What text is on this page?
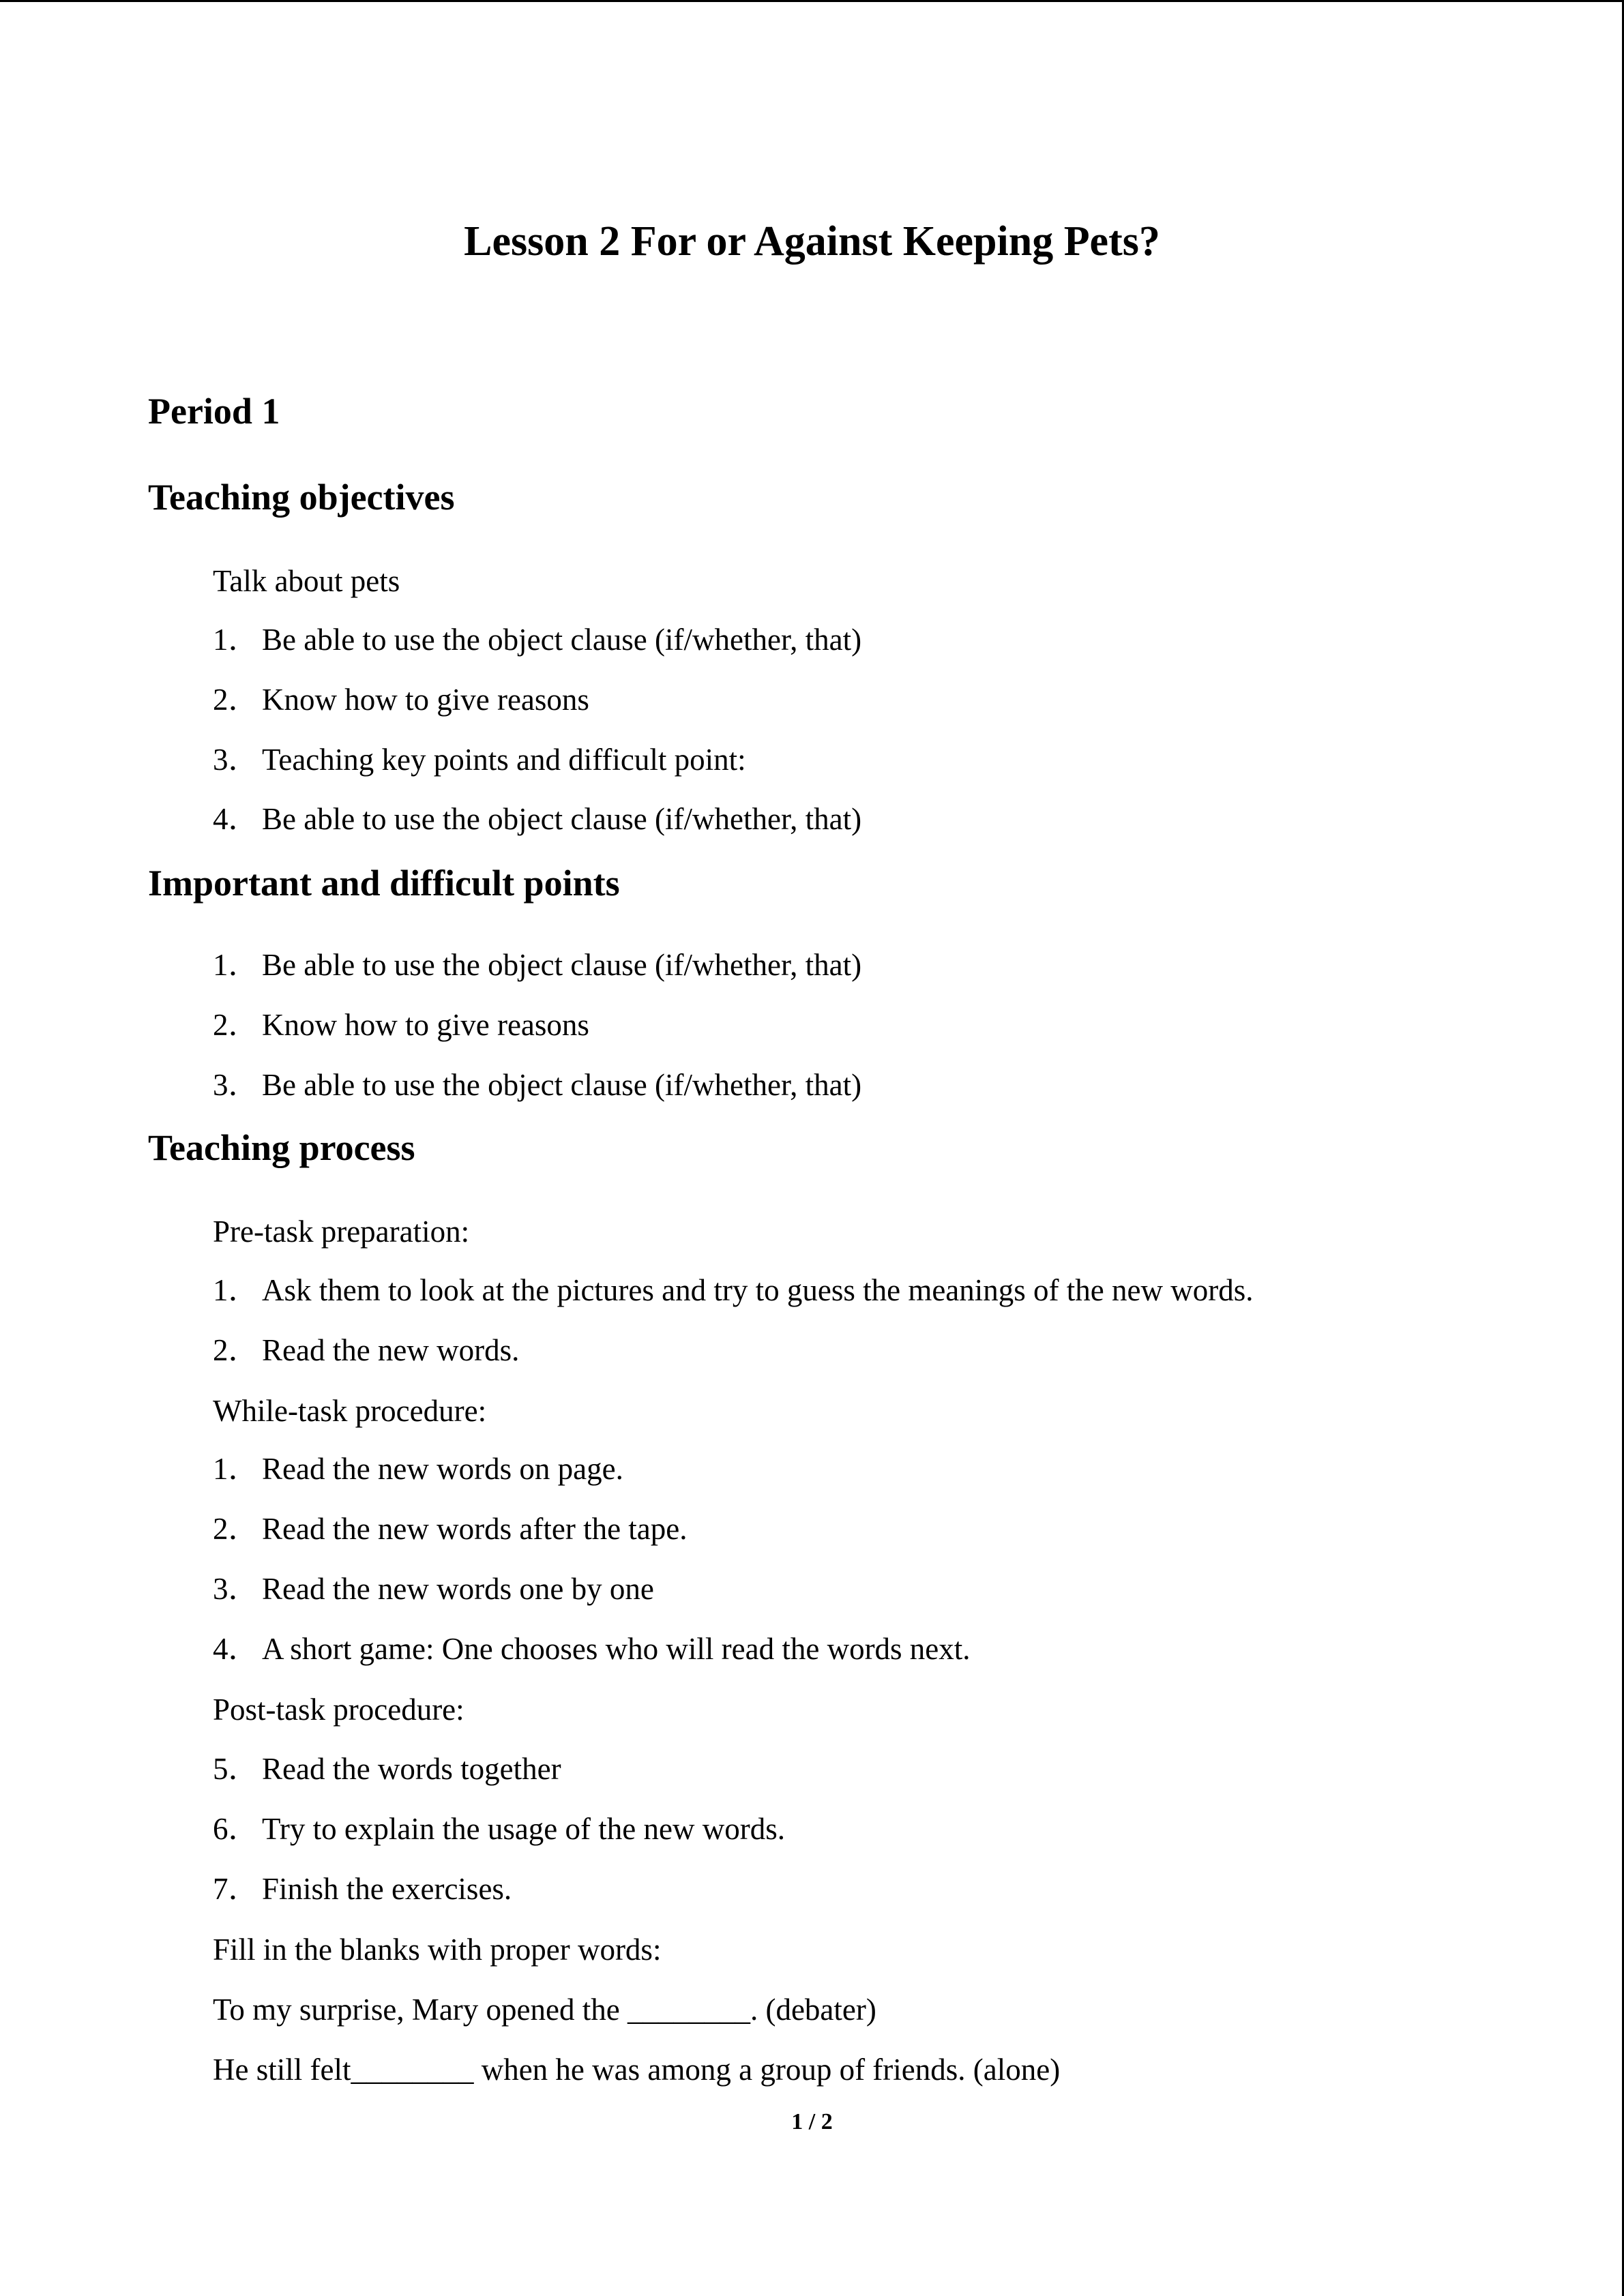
Lesson 2 For or Against Keeping Pets?
Period 1
Teaching objectives

Talk about pets

1．Be able to use the object clause (if/whether, that)

2．Know how to give reasons

3．Teaching key points and difficult point:

4．Be able to use the object clause (if/whether, that)

Important and difficult points

1．Be able to use the object clause (if/whether, that)

2．Know how to give reasons

3．Be able to use the object clause (if/whether, that)

Teaching process

Pre-task preparation:

1．Ask them to look at the pictures and try to guess the meanings of the new words.

2．Read the new words.

While-task procedure:

1．Read the new words on page.

2．Read the new words after the tape.

3．Read the new words one by one

4．A short game: One chooses who will read the words next.

Post-task procedure:

5．Read the words together

6．Try to explain the usage of the new words.

7．Finish the exercises.

Fill in the blanks with proper words:

To my surprise, Mary opened the ________. (debater)

He still felt________ when he was among a group of friends. (alone)

1 / 2
